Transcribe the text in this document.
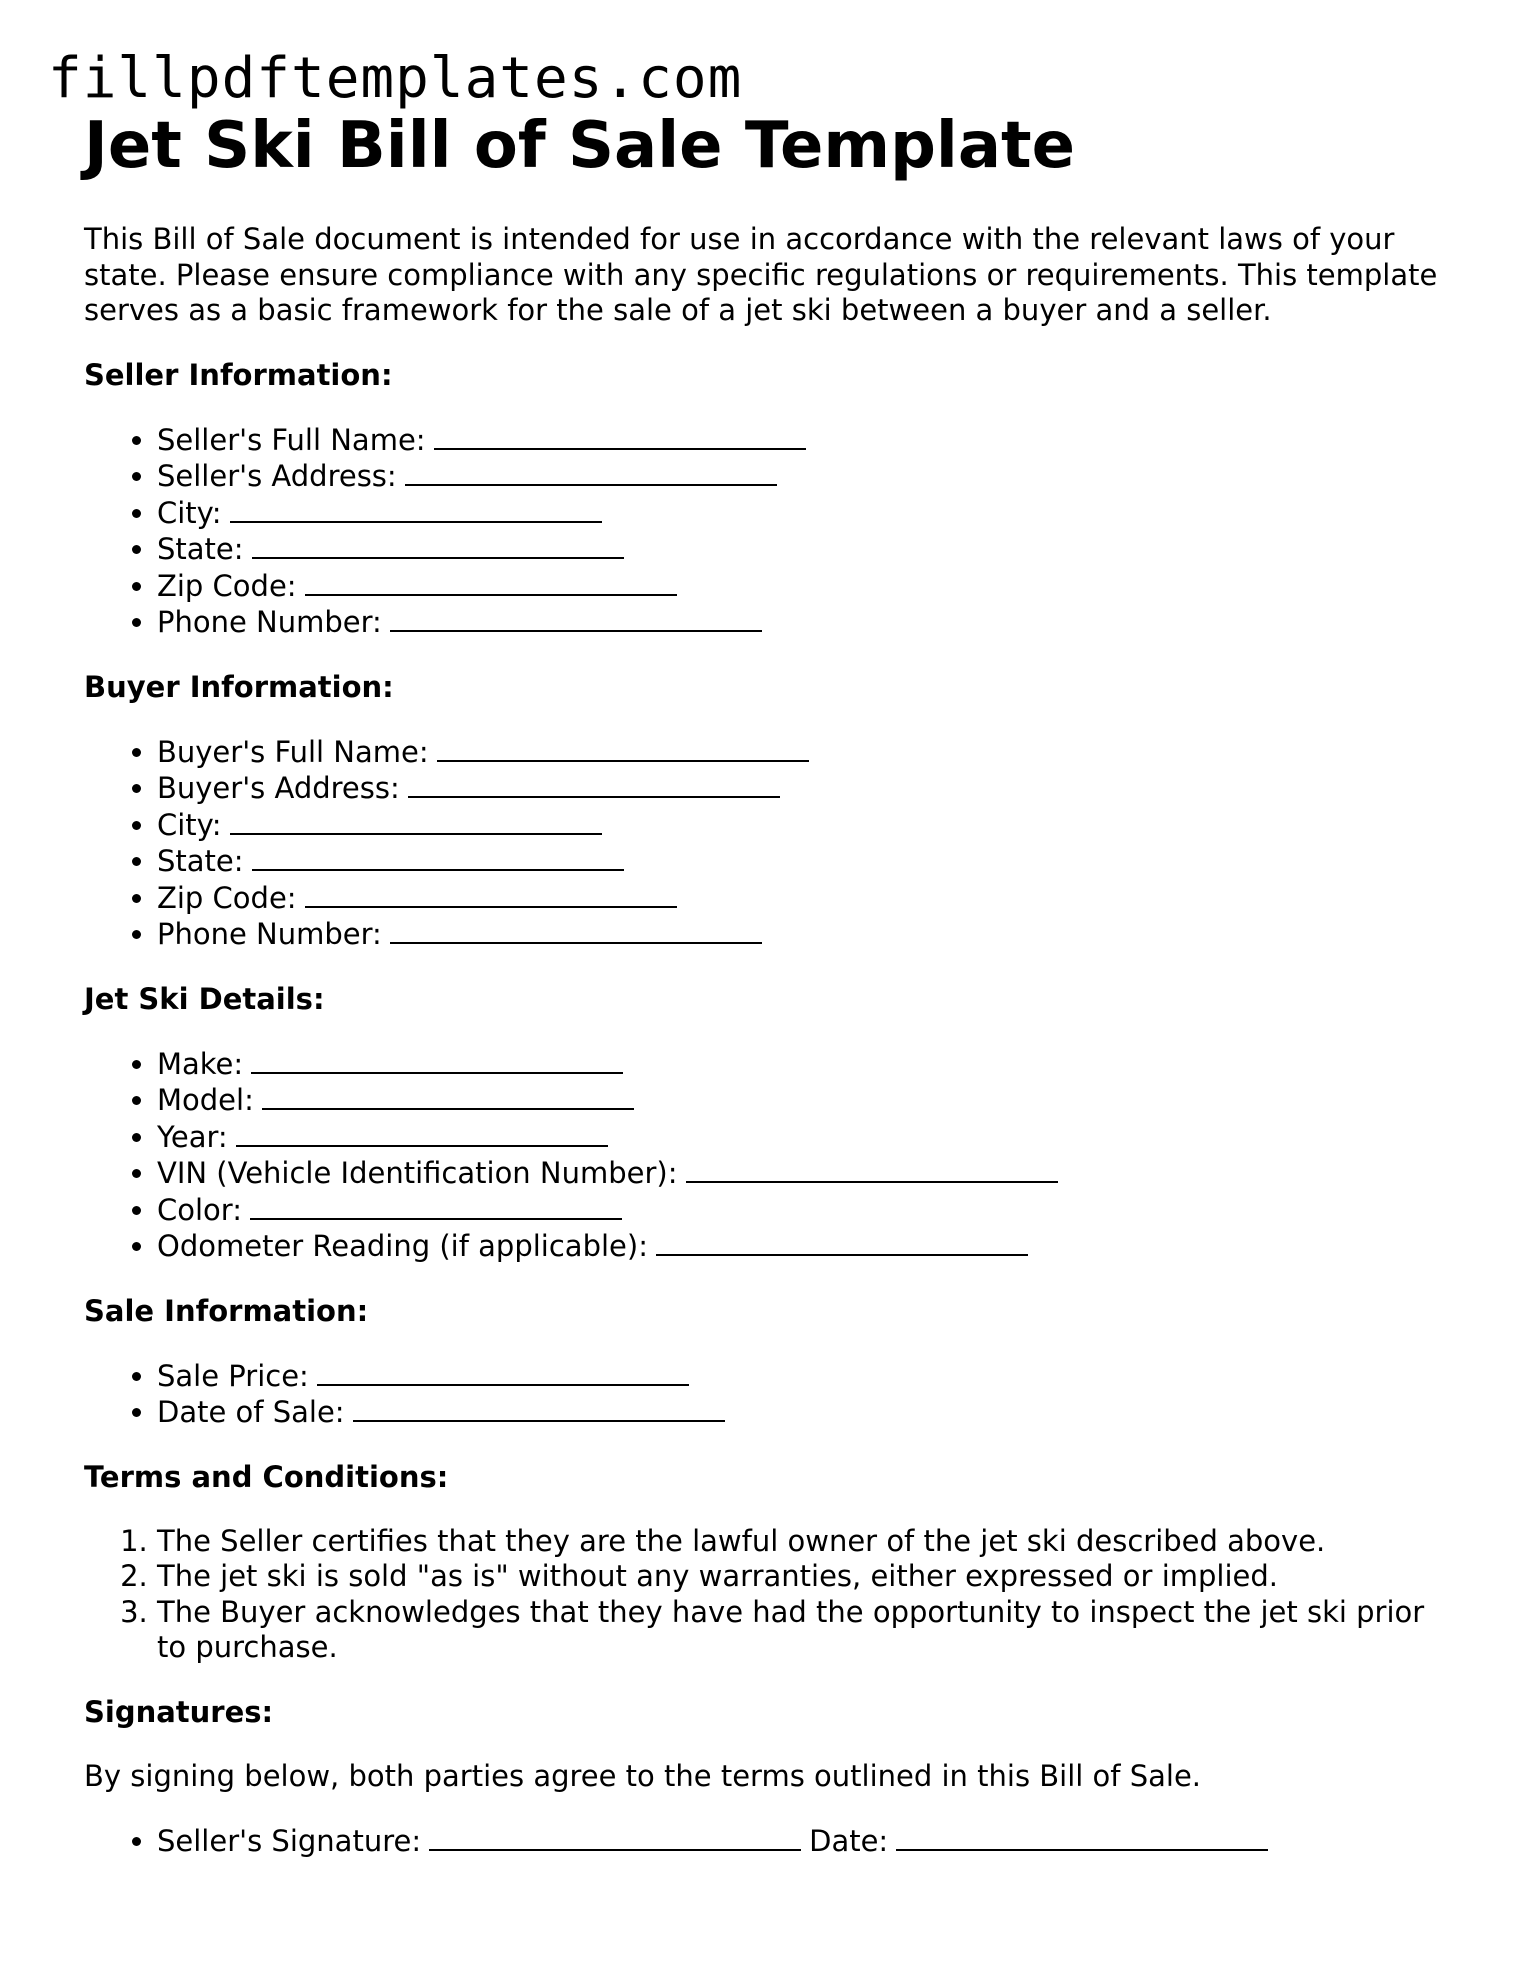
fillpdftemplates.com
Jet Ski Bill of Sale Template

This Bill of Sale document is intended for use in accordance with the relevant laws of your state. Please ensure compliance with any specific regulations or requirements. This template serves as a basic framework for the sale of a jet ski between a buyer and a seller.

Seller Information:
• Seller's Full Name:
• Seller's Address:
• City:
• State:
• Zip Code:
• Phone Number:
Buyer Information:
• Buyer's Full Name:
• Buyer's Address:
• City:
• State:
• Zip Code:
• Phone Number:
Jet Ski Details:
• Make:
• Model:
• Year:
• VIN (Vehicle Identification Number):
• Color:
• Odometer Reading (if applicable):
Sale Information:
• Sale Price:
• Date of Sale:
Terms and Conditions:
1. The Seller certifies that they are the lawful owner of the jet ski described above.
2. The jet ski is sold "as is" without any warranties, either expressed or implied.
3. The Buyer acknowledges that they have had the opportunity to inspect the jet ski prior to purchase.
Signatures:

By signing below, both parties agree to the terms outlined in this Bill of Sale.

• Seller's Signature:	Date:
